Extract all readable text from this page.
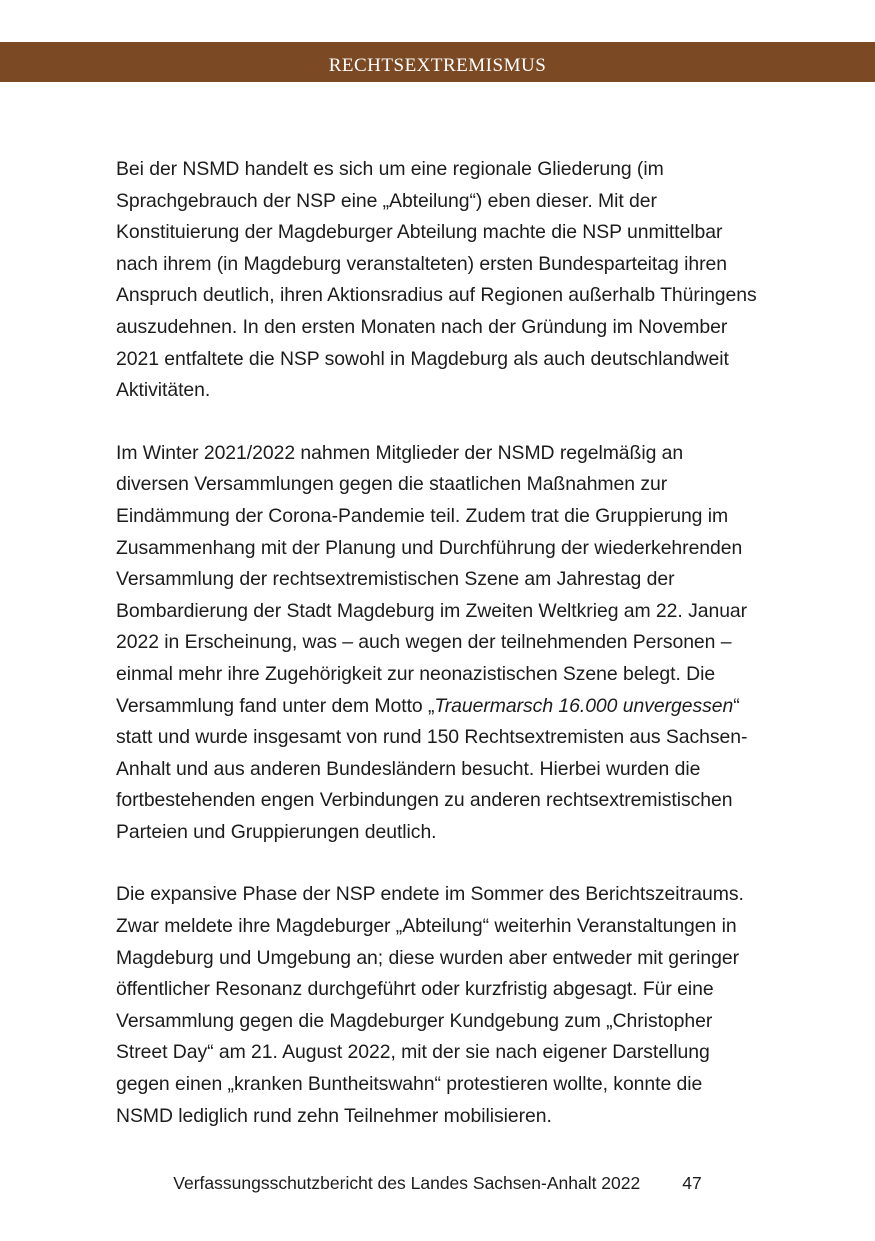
rechtsextremismus

Bei der NSMD handelt es sich um eine regionale Gliederung (im Sprachgebrauch der NSP eine „Abteilung“) eben dieser. Mit der Konstituierung der Magdeburger Abteilung machte die NSP unmittelbar nach ihrem (in Magdeburg veranstalteten) ersten Bundesparteitag ihren Anspruch deutlich, ihren Aktionsradius auf Regionen außerhalb Thüringens auszudehnen. In den ersten Monaten nach der Gründung im November 2021 entfaltete die NSP sowohl in Magdeburg als auch deutschlandweit Aktivitäten.

Im Winter 2021/2022 nahmen Mitglieder der NSMD regelmäßig an diversen Versammlungen gegen die staatlichen Maßnahmen zur Eindämmung der Corona-Pandemie teil. Zudem trat die Gruppierung im Zusammenhang mit der Planung und Durchführung der wiederkehrenden Versammlung der rechtsextremistischen Szene am Jahrestag der Bombardierung der Stadt Magdeburg im Zweiten Weltkrieg am 22. Januar 2022 in Erscheinung, was – auch wegen der teilnehmenden Personen – einmal mehr ihre Zugehörigkeit zur neonazistischen Szene belegt. Die Versammlung fand unter dem Motto „Trauermarsch 16.000 unvergessen“ statt und wurde insgesamt von rund 150 Rechtsextremisten aus Sachsen-Anhalt und aus anderen Bundesländern besucht. Hierbei wurden die fortbestehenden engen Verbindungen zu anderen rechtsextremistischen Parteien und Gruppierungen deutlich.

Die expansive Phase der NSP endete im Sommer des Berichtszeitraums. Zwar meldete ihre Magdeburger „Abteilung“ weiterhin Veranstaltungen in Magdeburg und Umgebung an; diese wurden aber entweder mit geringer öffentlicher Resonanz durchgeführt oder kurzfristig abgesagt. Für eine Versammlung gegen die Magdeburger Kundgebung zum „Christopher Street Day“ am 21. August 2022, mit der sie nach eigener Darstellung gegen einen „kranken Buntheitswahn“ protestieren wollte, konnte die NSMD lediglich rund zehn Teilnehmer mobilisieren.

Verfassungsschutzbericht des Landes Sachsen-Anhalt 2022 47
